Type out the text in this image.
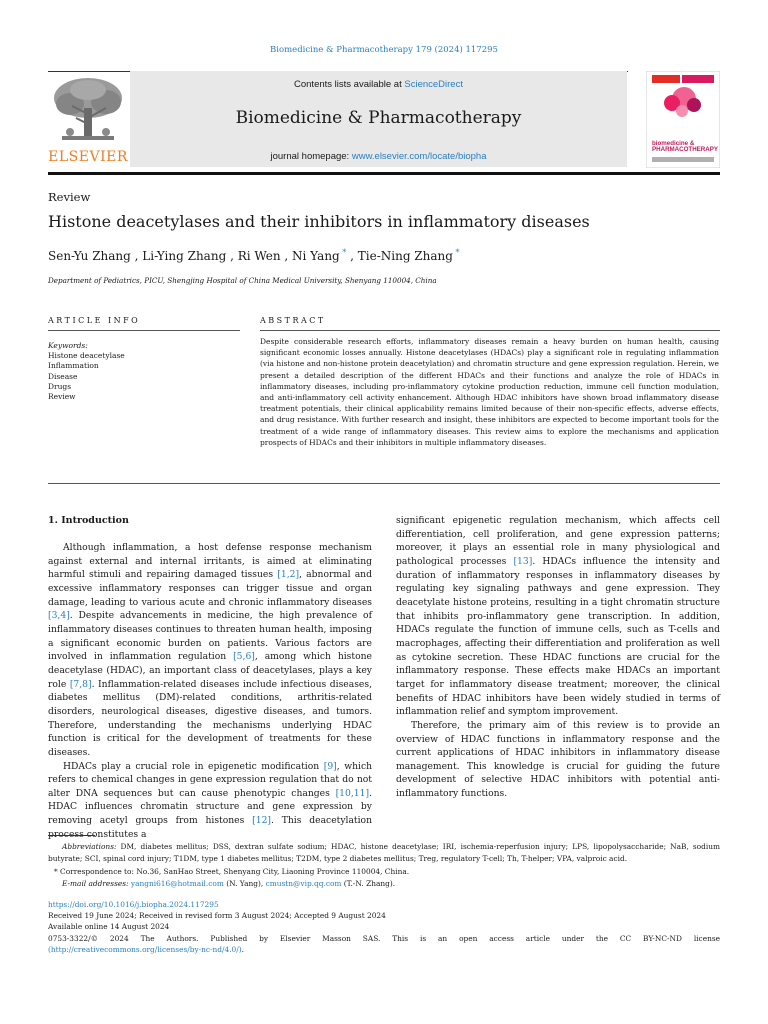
Biomedicine & Pharmacotherapy 179 (2024) 117295
Contents lists available at ScienceDirect
Biomedicine & Pharmacotherapy
journal homepage: www.elsevier.com/locate/biopha
ELSEVIER
biomedicine & PHARMACOTHERAPY
Review
Histone deacetylases and their inhibitors in inflammatory diseases
Sen-Yu Zhang , Li-Ying Zhang , Ri Wen , Ni Yang * , Tie-Ning Zhang *
Department of Pediatrics, PICU, Shengjing Hospital of China Medical University, Shenyang 110004, China
ARTICLE INFO	ABSTRACT
Keywords:
Histone deacetylase
Inflammation
Disease
Drugs
Review
Despite considerable research efforts, inflammatory diseases remain a heavy burden on human health, causing significant economic losses annually. Histone deacetylases (HDACs) play a significant role in regulating inflammation (via histone and non-histone protein deacetylation) and chromatin structure and gene expression regulation. Herein, we present a detailed description of the different HDACs and their functions and analyze the role of HDACs in inflammatory diseases, including pro-inflammatory cytokine production reduction, immune cell function modulation, and anti-inflammatory cell activity enhancement. Although HDAC inhibitors have shown broad inflammatory disease treatment potentials, their clinical applicability remains limited because of their non-specific effects, adverse effects, and drug resistance. With further research and insight, these inhibitors are expected to become important tools for the treatment of a wide range of inflammatory diseases. This review aims to explore the mechanisms and application prospects of HDACs and their inhibitors in multiple inflammatory diseases.
1. Introduction

Although inflammation, a host defense response mechanism against external and internal irritants, is aimed at eliminating harmful stimuli and repairing damaged tissues [1,2], abnormal and excessive inflammatory responses can trigger tissue and organ damage, leading to various acute and chronic inflammatory diseases [3,4]. Despite advancements in medicine, the high prevalence of inflammatory diseases continues to threaten human health, imposing a significant economic burden on patients. Various factors are involved in inflammation regulation [5,6], among which histone deacetylase (HDAC), an important class of deacetylases, plays a key role [7,8]. Inflammation-related diseases include infectious diseases, diabetes mellitus (DM)-related conditions, arthritis-related disorders, neurological diseases, digestive diseases, and tumors. Therefore, understanding the mechanisms underlying HDAC function is critical for the development of treatments for these diseases.

HDACs play a crucial role in epigenetic modification [9], which refers to chemical changes in gene expression regulation that do not alter DNA sequences but can cause phenotypic changes [10,11]. HDAC influences chromatin structure and gene expression by removing acetyl groups from histones [12]. This deacetylation process constitutes a

significant epigenetic regulation mechanism, which affects cell differentiation, cell proliferation, and gene expression patterns; moreover, it plays an essential role in many physiological and pathological processes [13]. HDACs influence the intensity and duration of inflammatory responses in inflammatory diseases by regulating key signaling pathways and gene expression. They deacetylate histone proteins, resulting in a tight chromatin structure that inhibits pro-inflammatory gene transcription. In addition, HDACs regulate the function of immune cells, such as T-cells and macrophages, affecting their differentiation and proliferation as well as cytokine secretion. These HDAC functions are crucial for the inflammatory response. These effects make HDACs an important target for inflammatory disease treatment; moreover, the clinical benefits of HDAC inhibitors have been widely studied in terms of inflammation relief and symptom improvement.

Therefore, the primary aim of this review is to provide an overview of HDAC functions in inflammatory response and the current applications of HDAC inhibitors in inflammatory disease management. This knowledge is crucial for guiding the future development of selective HDAC inhibitors with potential anti-inflammatory functions.

Abbreviations: DM, diabetes mellitus; DSS, dextran sulfate sodium; HDAC, histone deacetylase; IRI, ischemia-reperfusion injury; LPS, lipopolysaccharide; NaB, sodium butyrate; SCI, spinal cord injury; T1DM, type 1 diabetes mellitus; T2DM, type 2 diabetes mellitus; Treg, regulatory T-cell; Th, T-helper; VPA, valproic acid.
* Correspondence to: No.36, SanHao Street, Shenyang City, Liaoning Province 110004, China.
E-mail addresses: yangni616@hotmail.com (N. Yang), cmustn@vip.qq.com (T.-N. Zhang).
https://doi.org/10.1016/j.biopha.2024.117295
Received 19 June 2024; Received in revised form 3 August 2024; Accepted 9 August 2024
Available online 14 August 2024
0753-3322/© 2024 The Authors. Published by Elsevier Masson SAS. This is an open access article under the CC BY-NC-ND license
(http://creativecommons.org/licenses/by-nc-nd/4.0/).
